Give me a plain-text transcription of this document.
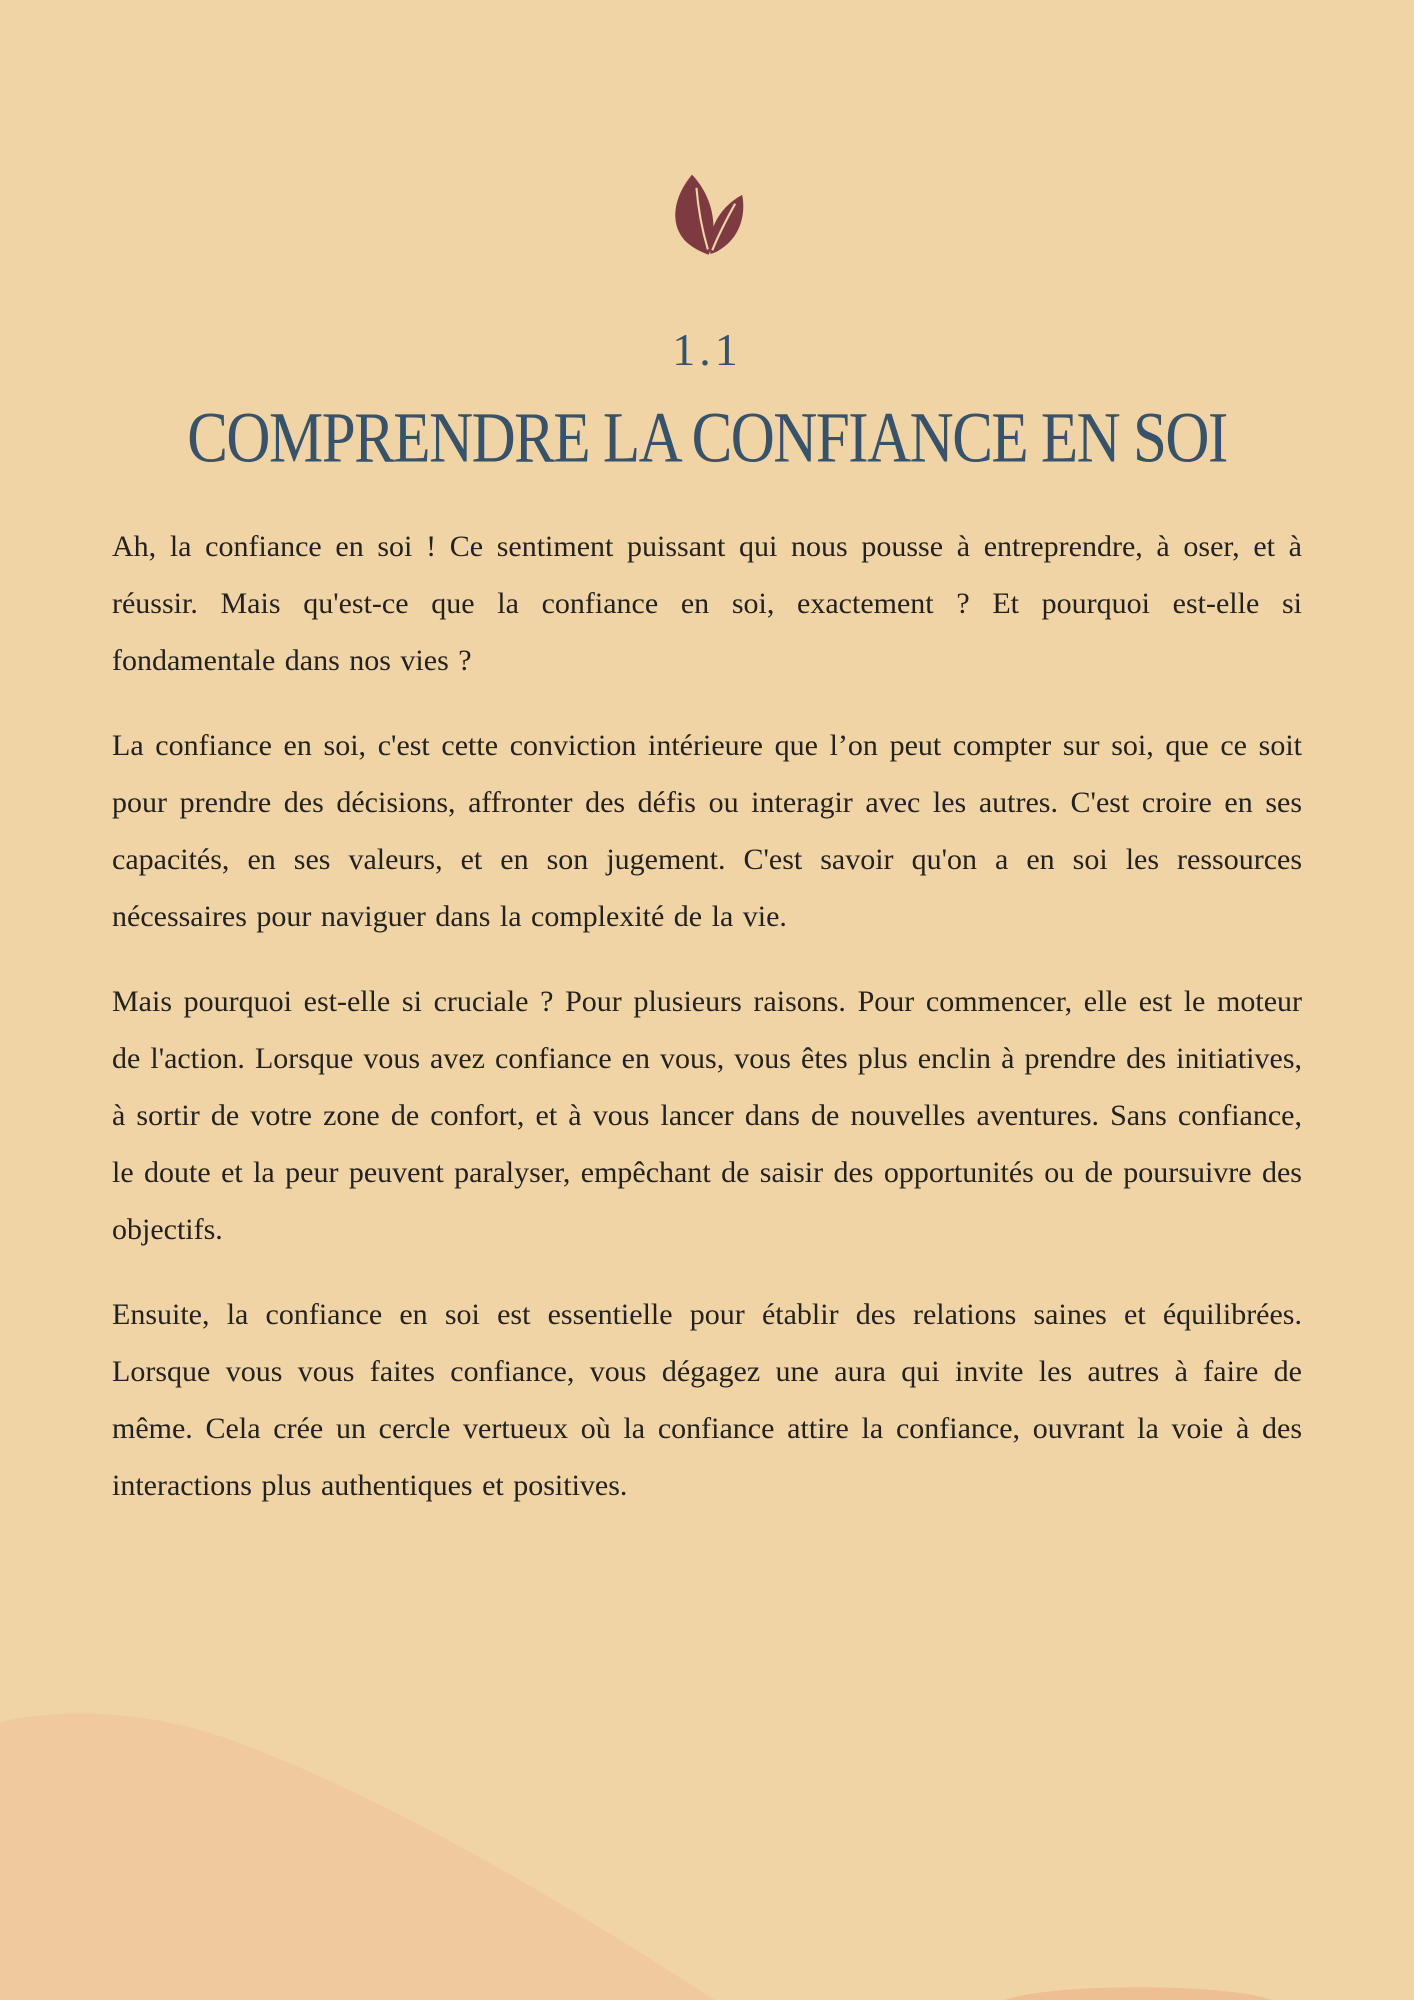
1.1
COMPRENDRE LA CONFIANCE EN SOI

Ah, la confiance en soi ! Ce sentiment puissant qui nous pousse à entreprendre, à oser, et à réussir. Mais qu'est-ce que la confiance en soi, exactement ? Et pourquoi est-elle si fondamentale dans nos vies ?

La confiance en soi, c'est cette conviction intérieure que l’on peut compter sur soi, que ce soit pour prendre des décisions, affronter des défis ou interagir avec les autres. C'est croire en ses capacités, en ses valeurs, et en son jugement. C'est savoir qu'on a en soi les ressources nécessaires pour naviguer dans la complexité de la vie.

Mais pourquoi est-elle si cruciale ? Pour plusieurs raisons. Pour commencer, elle est le moteur de l'action. Lorsque vous avez confiance en vous, vous êtes plus enclin à prendre des initiatives, à sortir de votre zone de confort, et à vous lancer dans de nouvelles aventures. Sans confiance, le doute et la peur peuvent paralyser, empêchant de saisir des opportunités ou de poursuivre des objectifs.

Ensuite, la confiance en soi est essentielle pour établir des relations saines et équilibrées. Lorsque vous vous faites confiance, vous dégagez une aura qui invite les autres à faire de même. Cela crée un cercle vertueux où la confiance attire la confiance, ouvrant la voie à des interactions plus authentiques et positives.
